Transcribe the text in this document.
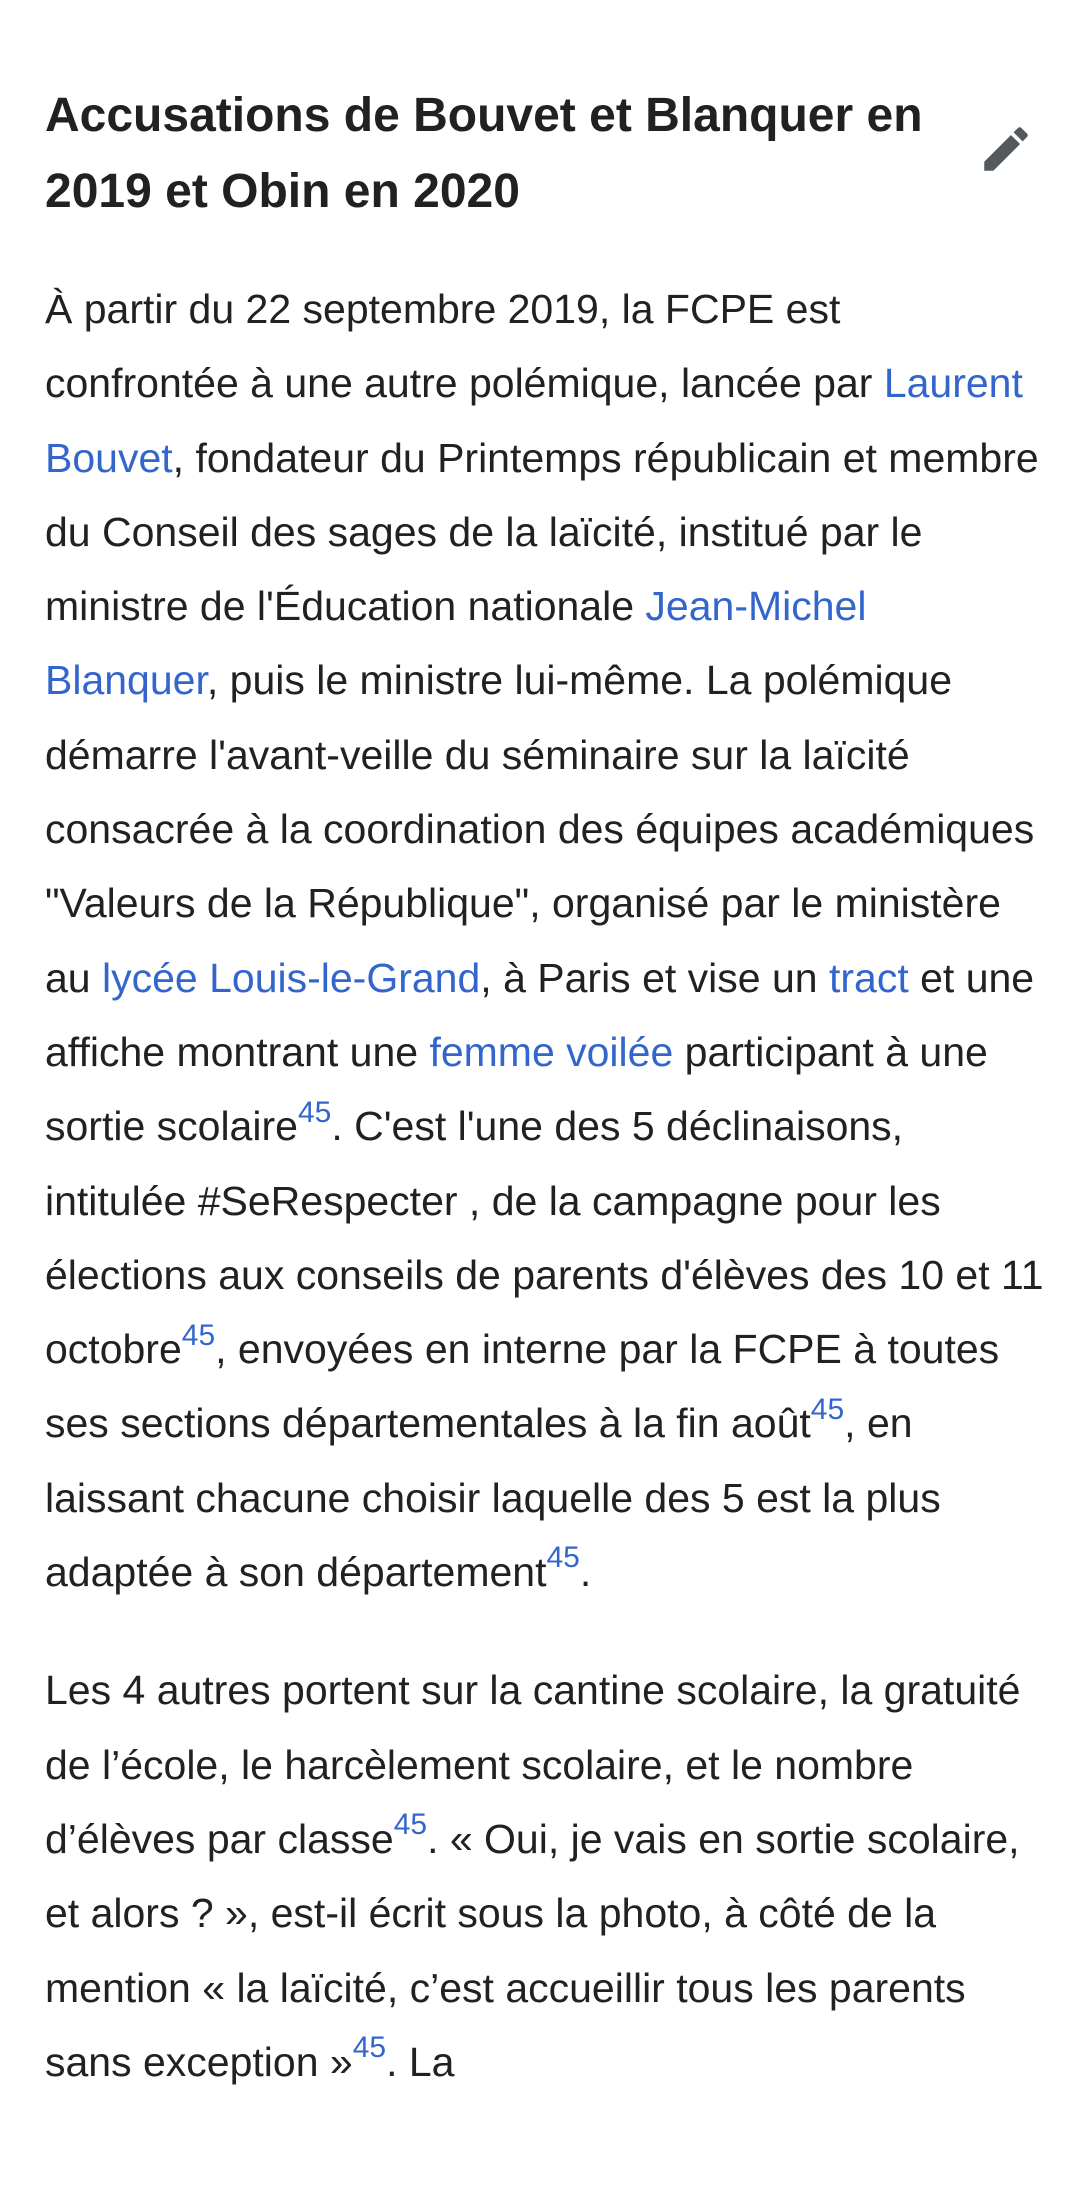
Accusations de Bouvet et Blanquer en 2019 et Obin en 2020

À partir du 22 septembre 2019, la FCPE est confrontée à une autre polémique, lancée par Laurent Bouvet, fondateur du Printemps républicain et membre du Conseil des sages de la laïcité, institué par le ministre de l'Éducation nationale Jean-Michel Blanquer, puis le ministre lui-même. La polémique démarre l'avant-veille du séminaire sur la laïcité consacrée à la coordination des équipes académiques "Valeurs de la République", organisé par le ministère au lycée Louis-le-Grand, à Paris et vise un tract et une affiche montrant une femme voilée participant à une sortie scolaire$^{45}$. C'est l'une des 5 déclinaisons, intitulée #SeRespecter , de la campagne pour les élections aux conseils de parents d'élèves des 10 et 11 octobre$^{45}$, envoyées en interne par la FCPE à toutes ses sections départementales à la fin août$^{45}$, en laissant chacune choisir laquelle des 5 est la plus adaptée à son département$^{45}$.

Les 4 autres portent sur la cantine scolaire, la gratuité de l’école, le harcèlement scolaire, et le nombre d’élèves par classe$^{45}$. « Oui, je vais en sortie scolaire, et alors ? », est-il écrit sous la photo, à côté de la mention « la laïcité, c’est accueillir tous les parents sans exception »$^{45}$. La
